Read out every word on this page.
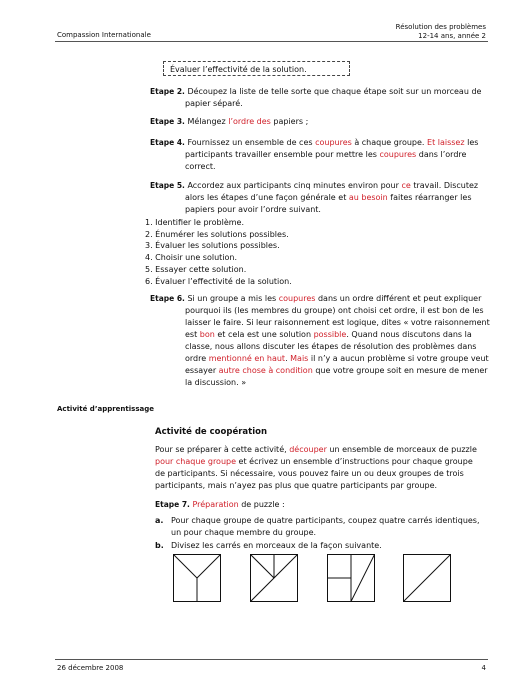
Compassion Internationale
Résolution des problèmes
12-14 ans, année 2
Évaluer l’effectivité de la solution.
Etape 2. Découpez la liste de telle sorte que chaque étape soit sur un morceau de papier séparé.
Etape 3. Mélangez l’ordre des papiers ;
Etape 4. Fournissez un ensemble de ces coupures à chaque groupe. Et laissez les participants travailler ensemble pour mettre les coupures dans l’ordre correct.
Etape 5. Accordez aux participants cinq minutes environ pour ce travail. Discutez alors les étapes d’une façon générale et au besoin faites réarranger les papiers pour avoir l’ordre suivant.
1. Identifier le problème.
2. Énumérer les solutions possibles.
3. Évaluer les solutions possibles.
4. Choisir une solution.
5. Essayer cette solution.
6. Évaluer l’effectivité de la solution.
Etape 6. Si un groupe a mis les coupures dans un ordre différent et peut expliquer pourquoi ils (les membres du groupe) ont choisi cet ordre, il est bon de les laisser le faire. Si leur raisonnement est logique, dites « votre raisonnement est bon et cela est une solution possible. Quand nous discutons dans la classe, nous allons discuter les étapes de résolution des problèmes dans ordre mentionné en haut. Mais il n’y a aucun problème si votre groupe veut essayer autre chose à condition que votre groupe soit en mesure de mener la discussion. »
Activité d’apprentissage
Activité de coopération
Pour se préparer à cette activité, découper un ensemble de morceaux de puzzle pour chaque groupe et écrivez un ensemble d’instructions pour chaque groupe de participants. Si nécessaire, vous pouvez faire un ou deux groupes de trois participants, mais n’ayez pas plus que quatre participants par groupe.
Etape 7. Préparation de puzzle :
a. Pour chaque groupe de quatre participants, coupez quatre carrés identiques, un pour chaque membre du groupe.
b. Divisez les carrés en morceaux de la façon suivante.
26 décembre 2008	4
